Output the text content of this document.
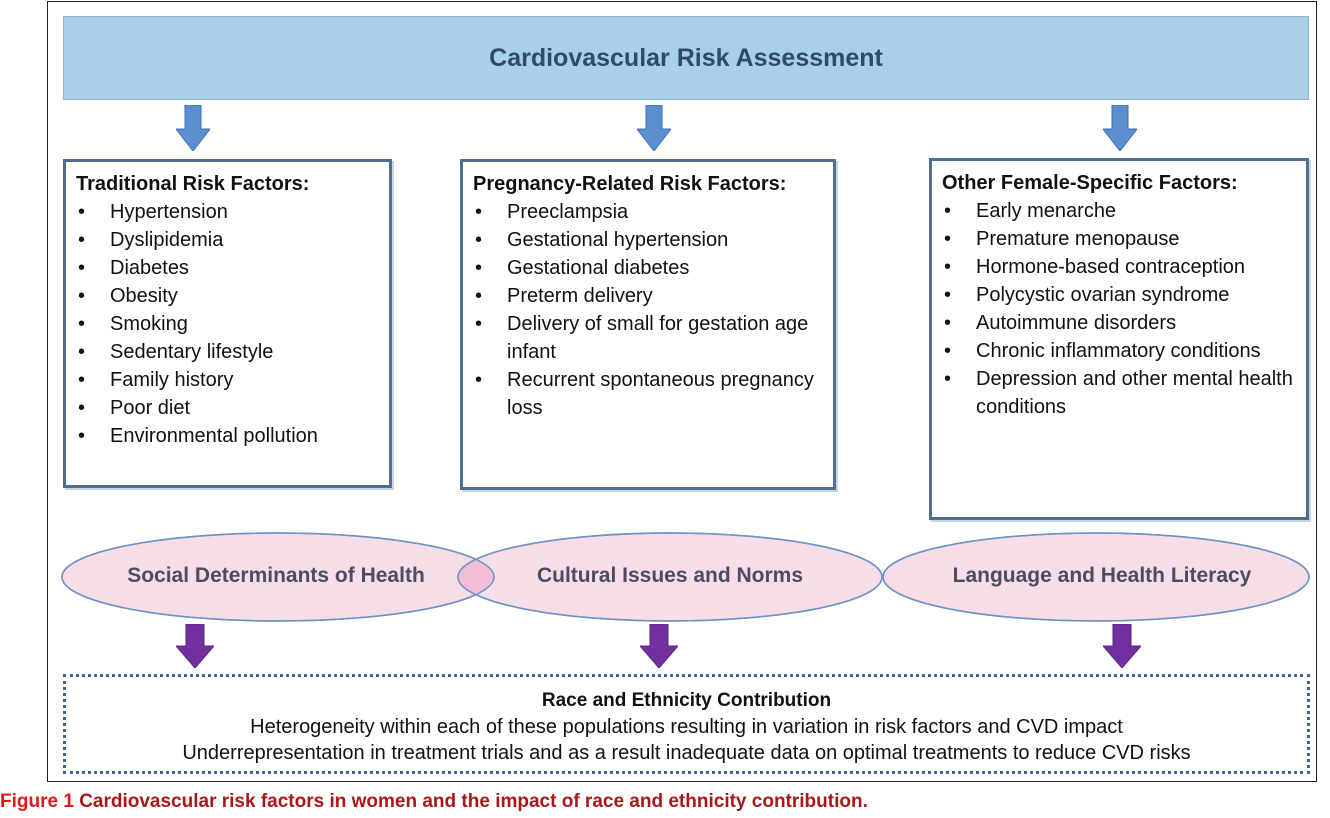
Cardiovascular Risk Assessment
Traditional Risk Factors:
• Hypertension
• Dyslipidemia
• Diabetes
• Obesity
• Smoking
• Sedentary lifestyle
• Family history
• Poor diet
• Environmental pollution
Pregnancy-Related Risk Factors:
• Preeclampsia
• Gestational hypertension
• Gestational diabetes
• Preterm delivery
• Delivery of small for gestation age infant
• Recurrent spontaneous pregnancy loss
Other Female-Specific Factors:
• Early menarche
• Premature menopause
• Hormone-based contraception
• Polycystic ovarian syndrome
• Autoimmune disorders
• Chronic inflammatory conditions
• Depression and other mental health conditions
Social Determinants of Health	Cultural Issues and Norms	Language and Health Literacy
Race and Ethnicity Contribution
Heterogeneity within each of these populations resulting in variation in risk factors and CVD impact
Underrepresentation in treatment trials and as a result inadequate data on optimal treatments to reduce CVD risks
Figure 1 Cardiovascular risk factors in women and the impact of race and ethnicity contribution.
